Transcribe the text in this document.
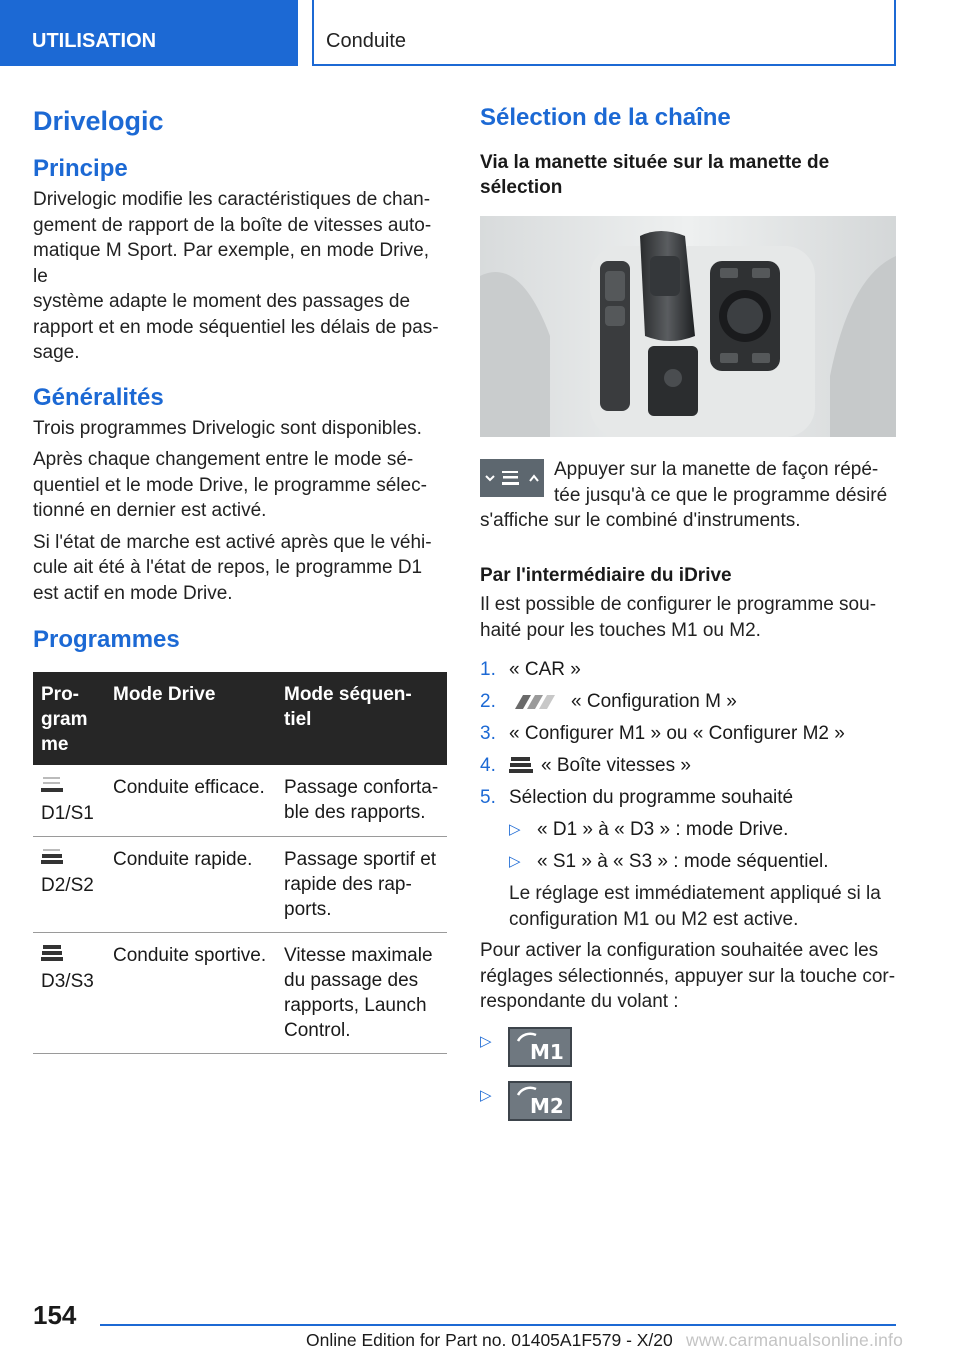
UTILISATION	Conduite
Drivelogic
Principe

Drivelogic modifie les caractéristiques de chan-
gement de rapport de la boîte de vitesses auto-
matique M Sport. Par exemple, en mode Drive, le
système adapte le moment des passages de
rapport et en mode séquentiel les délais de pas-
sage.

Généralités

Trois programmes Drivelogic sont disponibles.

Après chaque changement entre le mode sé-
quentiel et le mode Drive, le programme sélec-
tionné en dernier est activé.

Si l'état de marche est activé après que le véhi-
cule ait été à l'état de repos, le programme D1
est actif en mode Drive.

Programmes
Pro-
gram
me	Mode Drive	Mode séquen-
tiel

D1/S1	Conduite efficace.	Passage conforta-
ble des rapports.

D2/S2	Conduite rapide.	Passage sportif et
rapide des rap-
ports.

D3/S3	Conduite sportive.	Vitesse maximale
du passage des
rapports, Launch
Control.
Sélection de la chaîne

Via la manette située sur la manette de
sélection

Appuyer sur la manette de façon répé-
tée jusqu'à ce que le programme désiré

s'affiche sur le combiné d'instruments.

Par l'intermédiaire du iDrive

Il est possible de configurer le programme sou-
haité pour les touches M1 ou M2.

1. « CAR »
2.	« Configuration M »
3. « Configurer M1 » ou « Configurer M2 »
4. « Boîte vitesses »
5. Sélection du programme souhaité
▷ « D1 » à « D3 » : mode Drive.
▷ « S1 » à « S3 » : mode séquentiel.

Le réglage est immédiatement appliqué si la
configuration M1 ou M2 est active.

Pour activer la configuration souhaitée avec les
réglages sélectionnés, appuyer sur la touche cor-
respondante du volant :

▷ M1
▷ M2
154
Online Edition for Part no. 01405A1F579 - X/20 www.carmanualsonline.info
